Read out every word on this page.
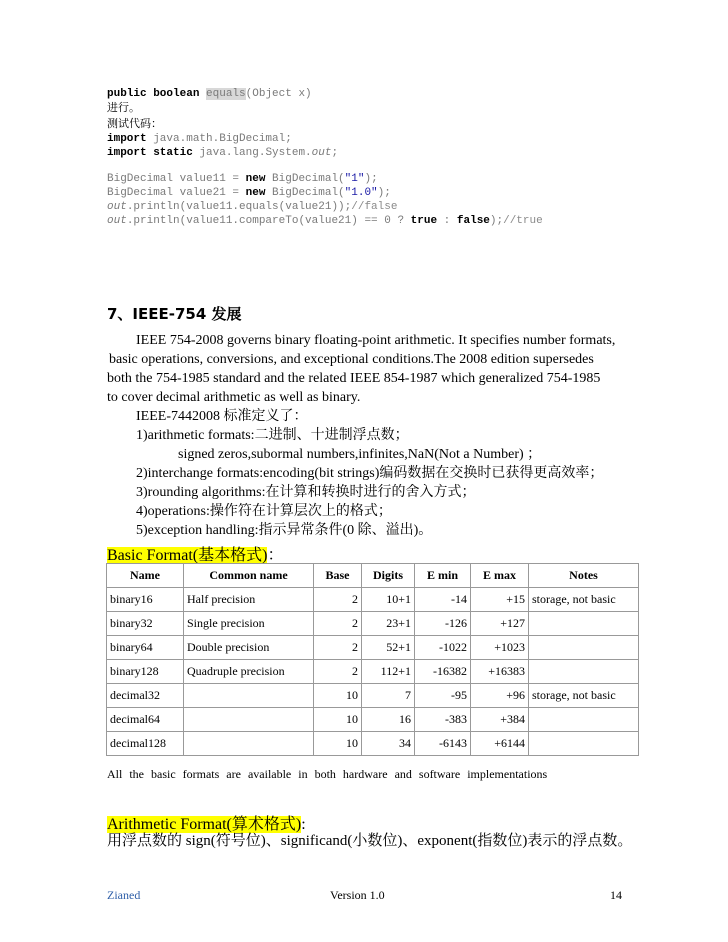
public boolean equals(Object x)
进行。
测试代码：
import java.math.BigDecimal;
import static java.lang.System.out;
BigDecimal value11 = new BigDecimal("1");
BigDecimal value21 = new BigDecimal("1.0");
out.println(value11.equals(value21));//false
out.println(value11.compareTo(value21) == 0 ? true : false);//true
7、IEEE-754 发展
IEEE 754-2008 governs binary floating-point arithmetic. It specifies number formats,
basic operations, conversions, and exceptional conditions.The 2008 edition supersedes
both the 754-1985 standard and the related IEEE 854-1987 which generalized 754-1985
to cover decimal arithmetic as well as binary.
IEEE-7442008 标准定义了：
1)arithmetic formats:二进制、十进制浮点数；
signed zeros,subormal numbers,infinites,NaN(Not a Number) ；
2)interchange formats:encoding(bit strings)编码数据在交换时已获得更高效率；
3)rounding algorithms:在计算和转换时进行的舍入方式；
4)operations:操作符在计算层次上的格式；
5)exception handling:指示异常条件(0 除、溢出)。
Basic Format(基本格式)：
Name	Common name	Base	Digits	E min	E max	Notes
binary16	Half precision	2	10+1	-14	+15	storage, not basic
binary32	Single precision	2	23+1	-126	+127	
binary64	Double precision	2	52+1	-1022	+1023	
binary128	Quadruple precision	2	112+1	-16382	+16383	
decimal32		10	7	-95	+96	storage, not basic
decimal64		10	16	-383	+384	
decimal128		10	34	-6143	+6144	
All the basic formats are available in both hardware and software implementations
Arithmetic Format(算术格式):
用浮点数的 sign(符号位)、significand(小数位)、exponent(指数位)表示的浮点数。
Zianed	Version 1.0	14
